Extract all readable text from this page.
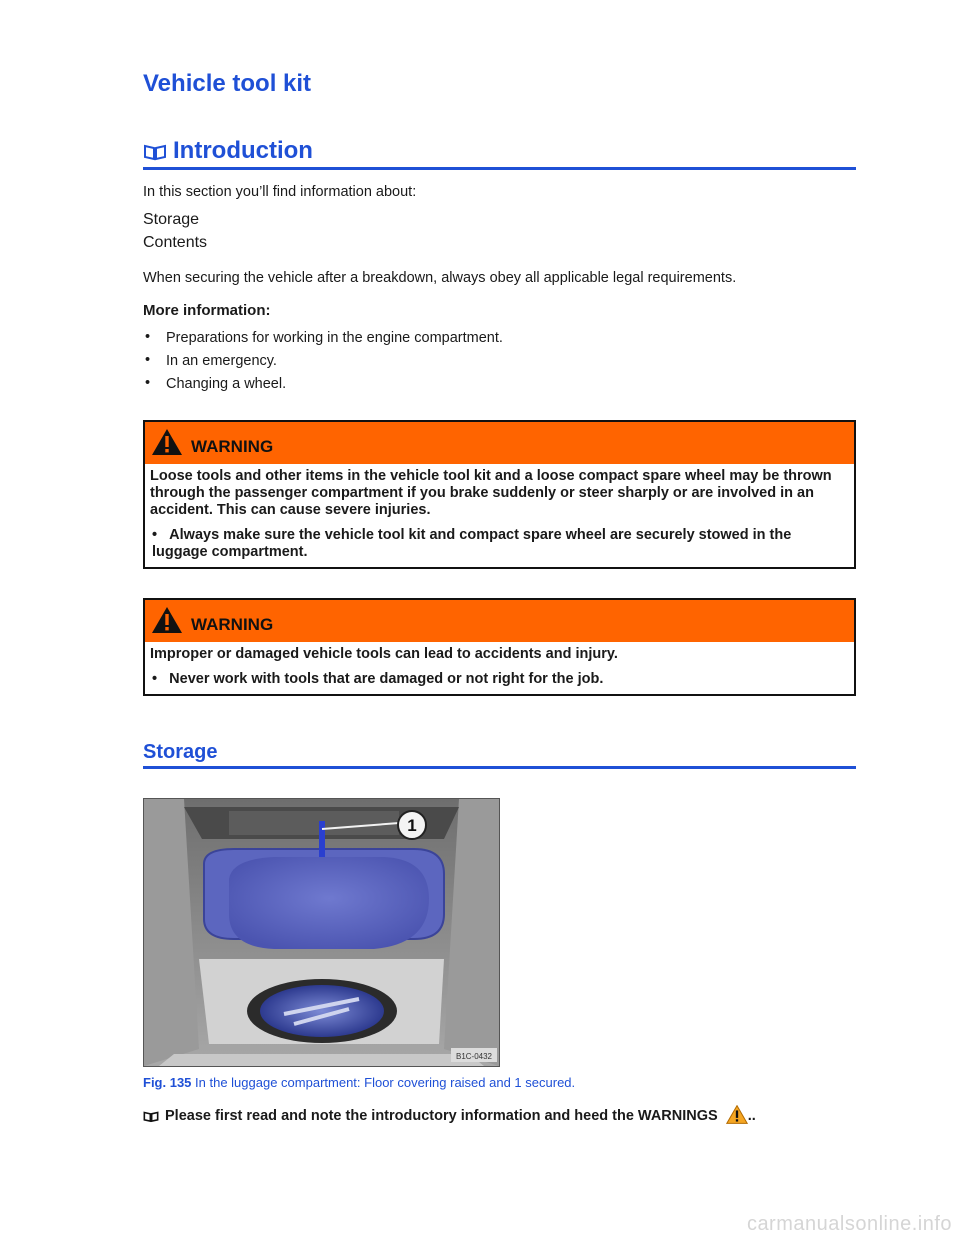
Vehicle tool kit
Introduction

In this section you’ll find information about:

Storage
Contents

When securing the vehicle after a breakdown, always obey all applicable legal requirements.

More information:
• Preparations for working in the engine compartment.
• In an emergency.
• Changing a wheel.
WARNING
Loose tools and other items in the vehicle tool kit and a loose compact spare wheel may be thrown through the passenger compartment if you brake suddenly or steer sharply or are involved in an accident. This can cause severe injuries.
•   Always make sure the vehicle tool kit and compact spare wheel are securely stowed in the luggage compartment.
WARNING
Improper or damaged vehicle tools can lead to accidents and injury.
•   Never work with tools that are damaged or not right for the job.
Storage
1
B1C-0432
Fig. 135 In the luggage compartment: Floor covering raised and 1 secured.
Please first read and note the introductory information and heed the WARNINGS ..
carmanualsonline.info
